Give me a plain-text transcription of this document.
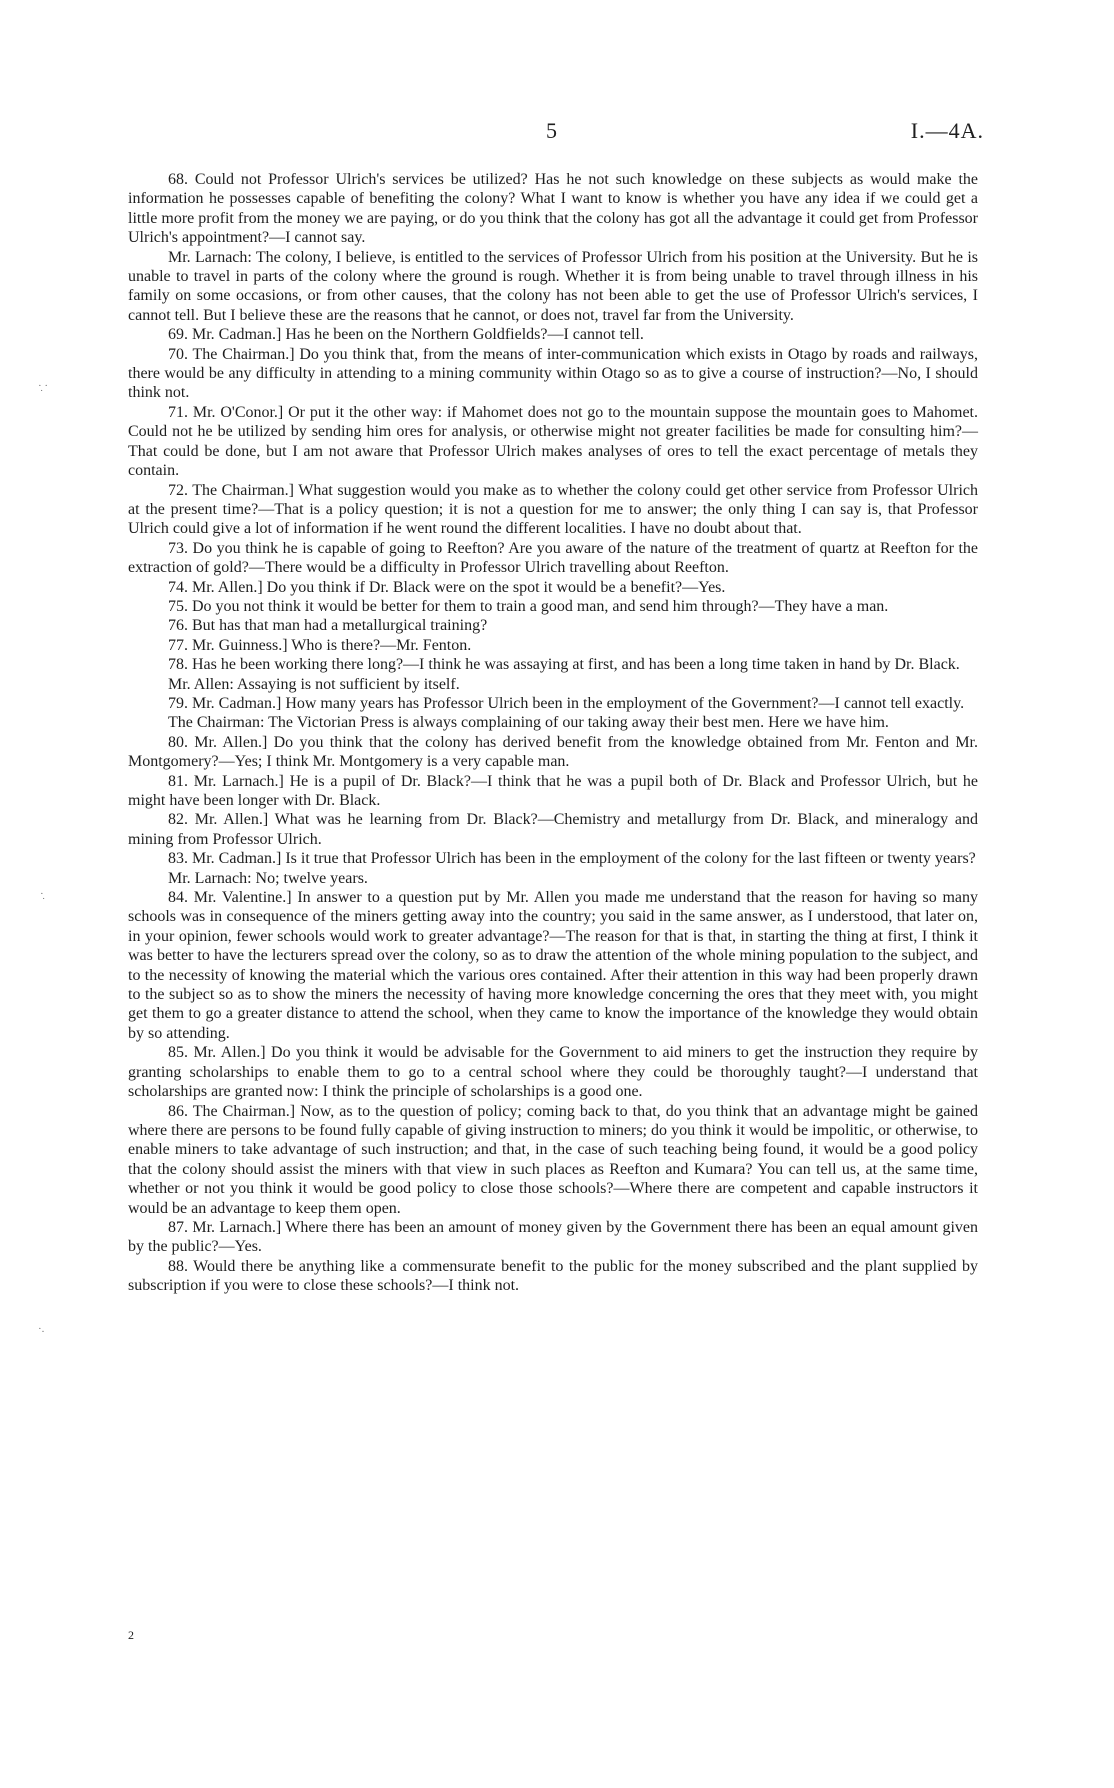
5	I.—4A.
·̣ ·
·̣
·.

68. Could not Professor Ulrich's services be utilized? Has he not such knowledge on these subjects as would make the information he possesses capable of benefiting the colony? What I want to know is whether you have any idea if we could get a little more profit from the money we are paying, or do you think that the colony has got all the advantage it could get from Professor Ulrich's appointment?—I cannot say.

Mr. Larnach: The colony, I believe, is entitled to the services of Professor Ulrich from his position at the University. But he is unable to travel in parts of the colony where the ground is rough. Whether it is from being unable to travel through illness in his family on some occasions, or from other causes, that the colony has not been able to get the use of Professor Ulrich's services, I cannot tell. But I believe these are the reasons that he cannot, or does not, travel far from the University.

69. Mr. Cadman.] Has he been on the Northern Goldfields?—I cannot tell.

70. The Chairman.] Do you think that, from the means of inter-communication which exists in Otago by roads and railways, there would be any difficulty in attending to a mining community within Otago so as to give a course of instruction?—No, I should think not.

71. Mr. O'Conor.] Or put it the other way: if Mahomet does not go to the mountain suppose the mountain goes to Mahomet. Could not he be utilized by sending him ores for analysis, or otherwise might not greater facilities be made for consulting him?—That could be done, but I am not aware that Professor Ulrich makes analyses of ores to tell the exact percentage of metals they contain.

72. The Chairman.] What suggestion would you make as to whether the colony could get other service from Professor Ulrich at the present time?—That is a policy question; it is not a question for me to answer; the only thing I can say is, that Professor Ulrich could give a lot of information if he went round the different localities. I have no doubt about that.

73. Do you think he is capable of going to Reefton? Are you aware of the nature of the treatment of quartz at Reefton for the extraction of gold?—There would be a difficulty in Professor Ulrich travelling about Reefton.

74. Mr. Allen.] Do you think if Dr. Black were on the spot it would be a benefit?—Yes.

75. Do you not think it would be better for them to train a good man, and send him through?—They have a man.

76. But has that man had a metallurgical training?

77. Mr. Guinness.] Who is there?—Mr. Fenton.

78. Has he been working there long?—I think he was assaying at first, and has been a long time taken in hand by Dr. Black.

Mr. Allen: Assaying is not sufficient by itself.

79. Mr. Cadman.] How many years has Professor Ulrich been in the employment of the Government?—I cannot tell exactly.

The Chairman: The Victorian Press is always complaining of our taking away their best men. Here we have him.

80. Mr. Allen.] Do you think that the colony has derived benefit from the knowledge obtained from Mr. Fenton and Mr. Montgomery?—Yes; I think Mr. Montgomery is a very capable man.

81. Mr. Larnach.] He is a pupil of Dr. Black?—I think that he was a pupil both of Dr. Black and Professor Ulrich, but he might have been longer with Dr. Black.

82. Mr. Allen.] What was he learning from Dr. Black?—Chemistry and metallurgy from Dr. Black, and mineralogy and mining from Professor Ulrich.

83. Mr. Cadman.] Is it true that Professor Ulrich has been in the employment of the colony for the last fifteen or twenty years?

Mr. Larnach: No; twelve years.

84. Mr. Valentine.] In answer to a question put by Mr. Allen you made me understand that the reason for having so many schools was in consequence of the miners getting away into the country; you said in the same answer, as I understood, that later on, in your opinion, fewer schools would work to greater advantage?—The reason for that is that, in starting the thing at first, I think it was better to have the lecturers spread over the colony, so as to draw the attention of the whole mining population to the subject, and to the necessity of knowing the material which the various ores contained. After their attention in this way had been properly drawn to the subject so as to show the miners the necessity of having more knowledge concerning the ores that they meet with, you might get them to go a greater distance to attend the school, when they came to know the importance of the knowledge they would obtain by so attending.

85. Mr. Allen.] Do you think it would be advisable for the Government to aid miners to get the instruction they require by granting scholarships to enable them to go to a central school where they could be thoroughly taught?—I understand that scholarships are granted now: I think the principle of scholarships is a good one.

86. The Chairman.] Now, as to the question of policy; coming back to that, do you think that an advantage might be gained where there are persons to be found fully capable of giving instruction to miners; do you think it would be impolitic, or otherwise, to enable miners to take advantage of such instruction; and that, in the case of such teaching being found, it would be a good policy that the colony should assist the miners with that view in such places as Reefton and Kumara? You can tell us, at the same time, whether or not you think it would be good policy to close those schools?—Where there are competent and capable instructors it would be an advantage to keep them open.

87. Mr. Larnach.] Where there has been an amount of money given by the Government there has been an equal amount given by the public?—Yes.

88. Would there be anything like a commensurate benefit to the public for the money subscribed and the plant supplied by subscription if you were to close these schools?—I think not.

2
